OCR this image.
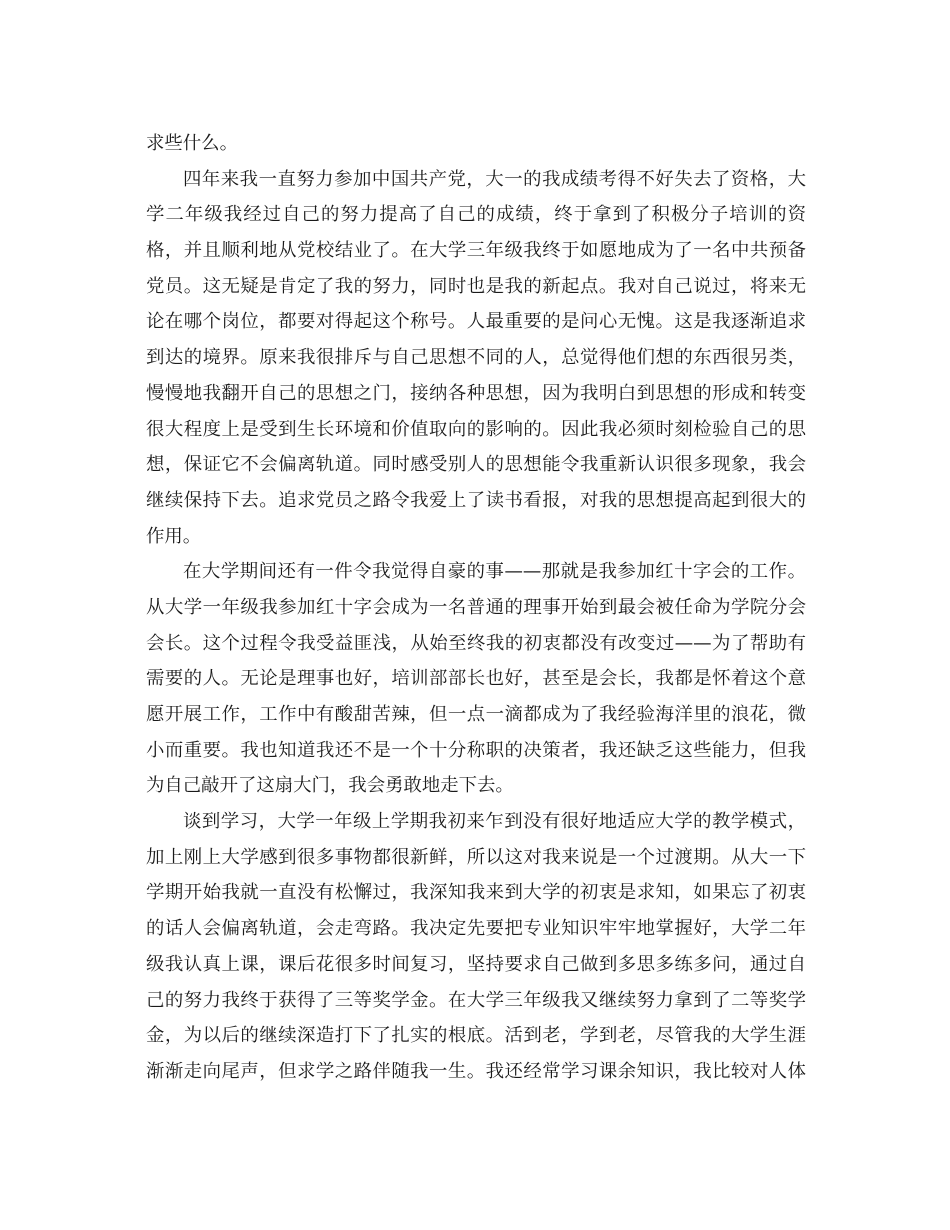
求些什么。
四年来我一直努力参加中国共产党，大一的我成绩考得不好失去了资格，大
学二年级我经过自己的努力提高了自己的成绩，终于拿到了积极分子培训的资
格，并且顺利地从党校结业了。在大学三年级我终于如愿地成为了一名中共预备
党员。这无疑是肯定了我的努力，同时也是我的新起点。我对自己说过，将来无
论在哪个岗位，都要对得起这个称号。人最重要的是问心无愧。这是我逐渐追求
到达的境界。原来我很排斥与自己思想不同的人，总觉得他们想的东西很另类，
慢慢地我翻开自己的思想之门，接纳各种思想，因为我明白到思想的形成和转变
很大程度上是受到生长环境和价值取向的影响的。因此我必须时刻检验自己的思
想，保证它不会偏离轨道。同时感受别人的思想能令我重新认识很多现象，我会
继续保持下去。追求党员之路令我爱上了读书看报，对我的思想提高起到很大的
作用。
在大学期间还有一件令我觉得自豪的事——那就是我参加红十字会的工作。
从大学一年级我参加红十字会成为一名普通的理事开始到最会被任命为学院分会
会长。这个过程令我受益匪浅，从始至终我的初衷都没有改变过——为了帮助有
需要的人。无论是理事也好，培训部部长也好，甚至是会长，我都是怀着这个意
愿开展工作，工作中有酸甜苦辣，但一点一滴都成为了我经验海洋里的浪花，微
小而重要。我也知道我还不是一个十分称职的决策者，我还缺乏这些能力，但我
为自己敲开了这扇大门，我会勇敢地走下去。
谈到学习，大学一年级上学期我初来乍到没有很好地适应大学的教学模式，
加上刚上大学感到很多事物都很新鲜，所以这对我来说是一个过渡期。从大一下
学期开始我就一直没有松懈过，我深知我来到大学的初衷是求知，如果忘了初衷
的话人会偏离轨道，会走弯路。我决定先要把专业知识牢牢地掌握好，大学二年
级我认真上课，课后花很多时间复习，坚持要求自己做到多思多练多问，通过自
己的努力我终于获得了三等奖学金。在大学三年级我又继续努力拿到了二等奖学
金，为以后的继续深造打下了扎实的根底。活到老，学到老，尽管我的大学生涯
渐渐走向尾声，但求学之路伴随我一生。我还经常学习课余知识，我比较对人体
